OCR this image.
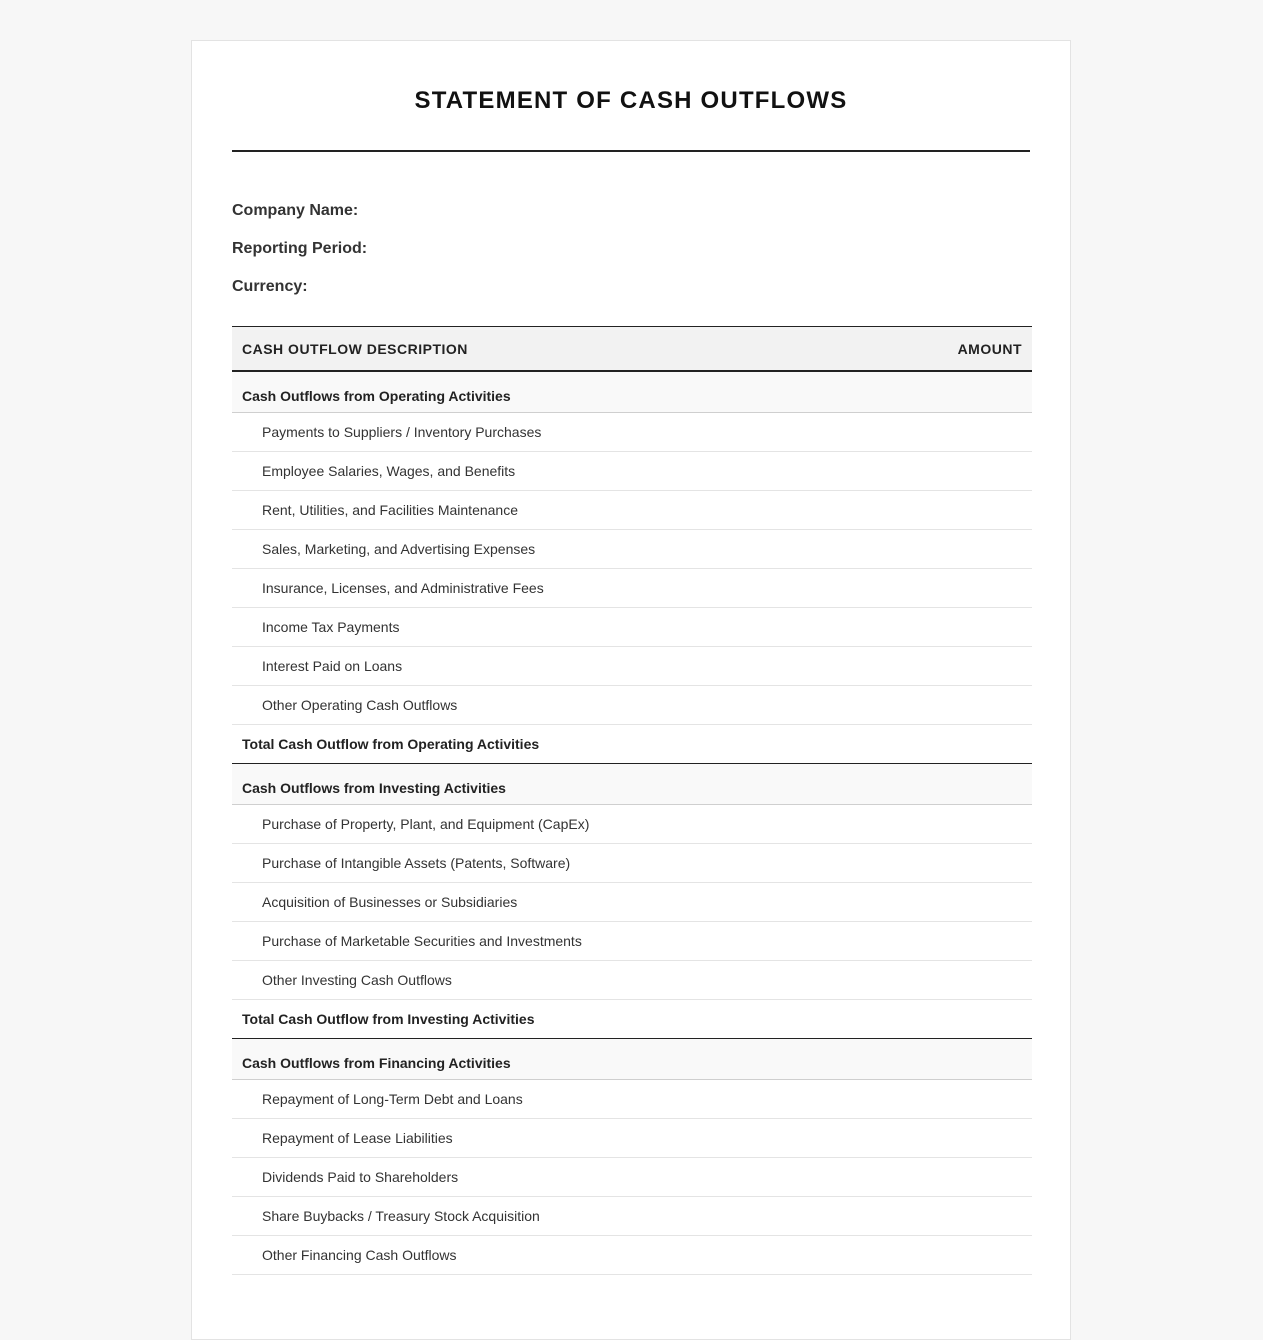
STATEMENT OF CASH OUTFLOWS
Company Name:
Reporting Period:
Currency:
CASH OUTFLOW DESCRIPTION	AMOUNT
Cash Outflows from Operating Activities	
Payments to Suppliers / Inventory Purchases	
Employee Salaries, Wages, and Benefits	
Rent, Utilities, and Facilities Maintenance	
Sales, Marketing, and Advertising Expenses	
Insurance, Licenses, and Administrative Fees	
Income Tax Payments	
Interest Paid on Loans	
Other Operating Cash Outflows	
Total Cash Outflow from Operating Activities	
Cash Outflows from Investing Activities	
Purchase of Property, Plant, and Equipment (CapEx)	
Purchase of Intangible Assets (Patents, Software)	
Acquisition of Businesses or Subsidiaries	
Purchase of Marketable Securities and Investments	
Other Investing Cash Outflows	
Total Cash Outflow from Investing Activities	
Cash Outflows from Financing Activities	
Repayment of Long-Term Debt and Loans	
Repayment of Lease Liabilities	
Dividends Paid to Shareholders	
Share Buybacks / Treasury Stock Acquisition	
Other Financing Cash Outflows	
